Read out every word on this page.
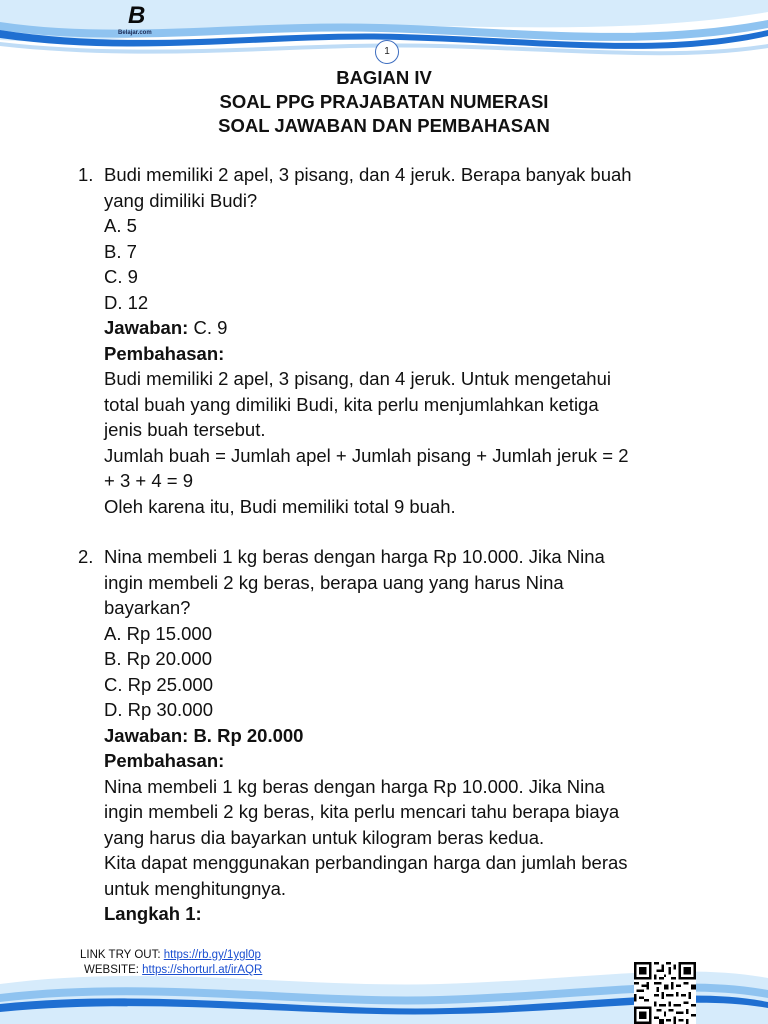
B
Belajar.com
1
BAGIAN IV
SOAL PPG PRAJABATAN NUMERASI
SOAL JAWABAN DAN PEMBAHASAN
1. Budi memiliki 2 apel, 3 pisang, dan 4 jeruk. Berapa banyak buah
yang dimiliki Budi?
A. 5
B. 7
C. 9
D. 12
Jawaban: C. 9
Pembahasan:
Budi memiliki 2 apel, 3 pisang, dan 4 jeruk. Untuk mengetahui
total buah yang dimiliki Budi, kita perlu menjumlahkan ketiga
jenis buah tersebut.
Jumlah buah = Jumlah apel + Jumlah pisang + Jumlah jeruk = 2
+ 3 + 4 = 9
Oleh karena itu, Budi memiliki total 9 buah.
2. Nina membeli 1 kg beras dengan harga Rp 10.000. Jika Nina
ingin membeli 2 kg beras, berapa uang yang harus Nina
bayarkan?
A. Rp 15.000
B. Rp 20.000
C. Rp 25.000
D. Rp 30.000
Jawaban: B. Rp 20.000
Pembahasan:
Nina membeli 1 kg beras dengan harga Rp 10.000. Jika Nina
ingin membeli 2 kg beras, kita perlu mencari tahu berapa biaya
yang harus dia bayarkan untuk kilogram beras kedua.
Kita dapat menggunakan perbandingan harga dan jumlah beras
untuk menghitungnya.
Langkah 1:
LINK TRY OUT: https://rb.gy/1ygl0p
WEBSITE: https://shorturl.at/irAQR
